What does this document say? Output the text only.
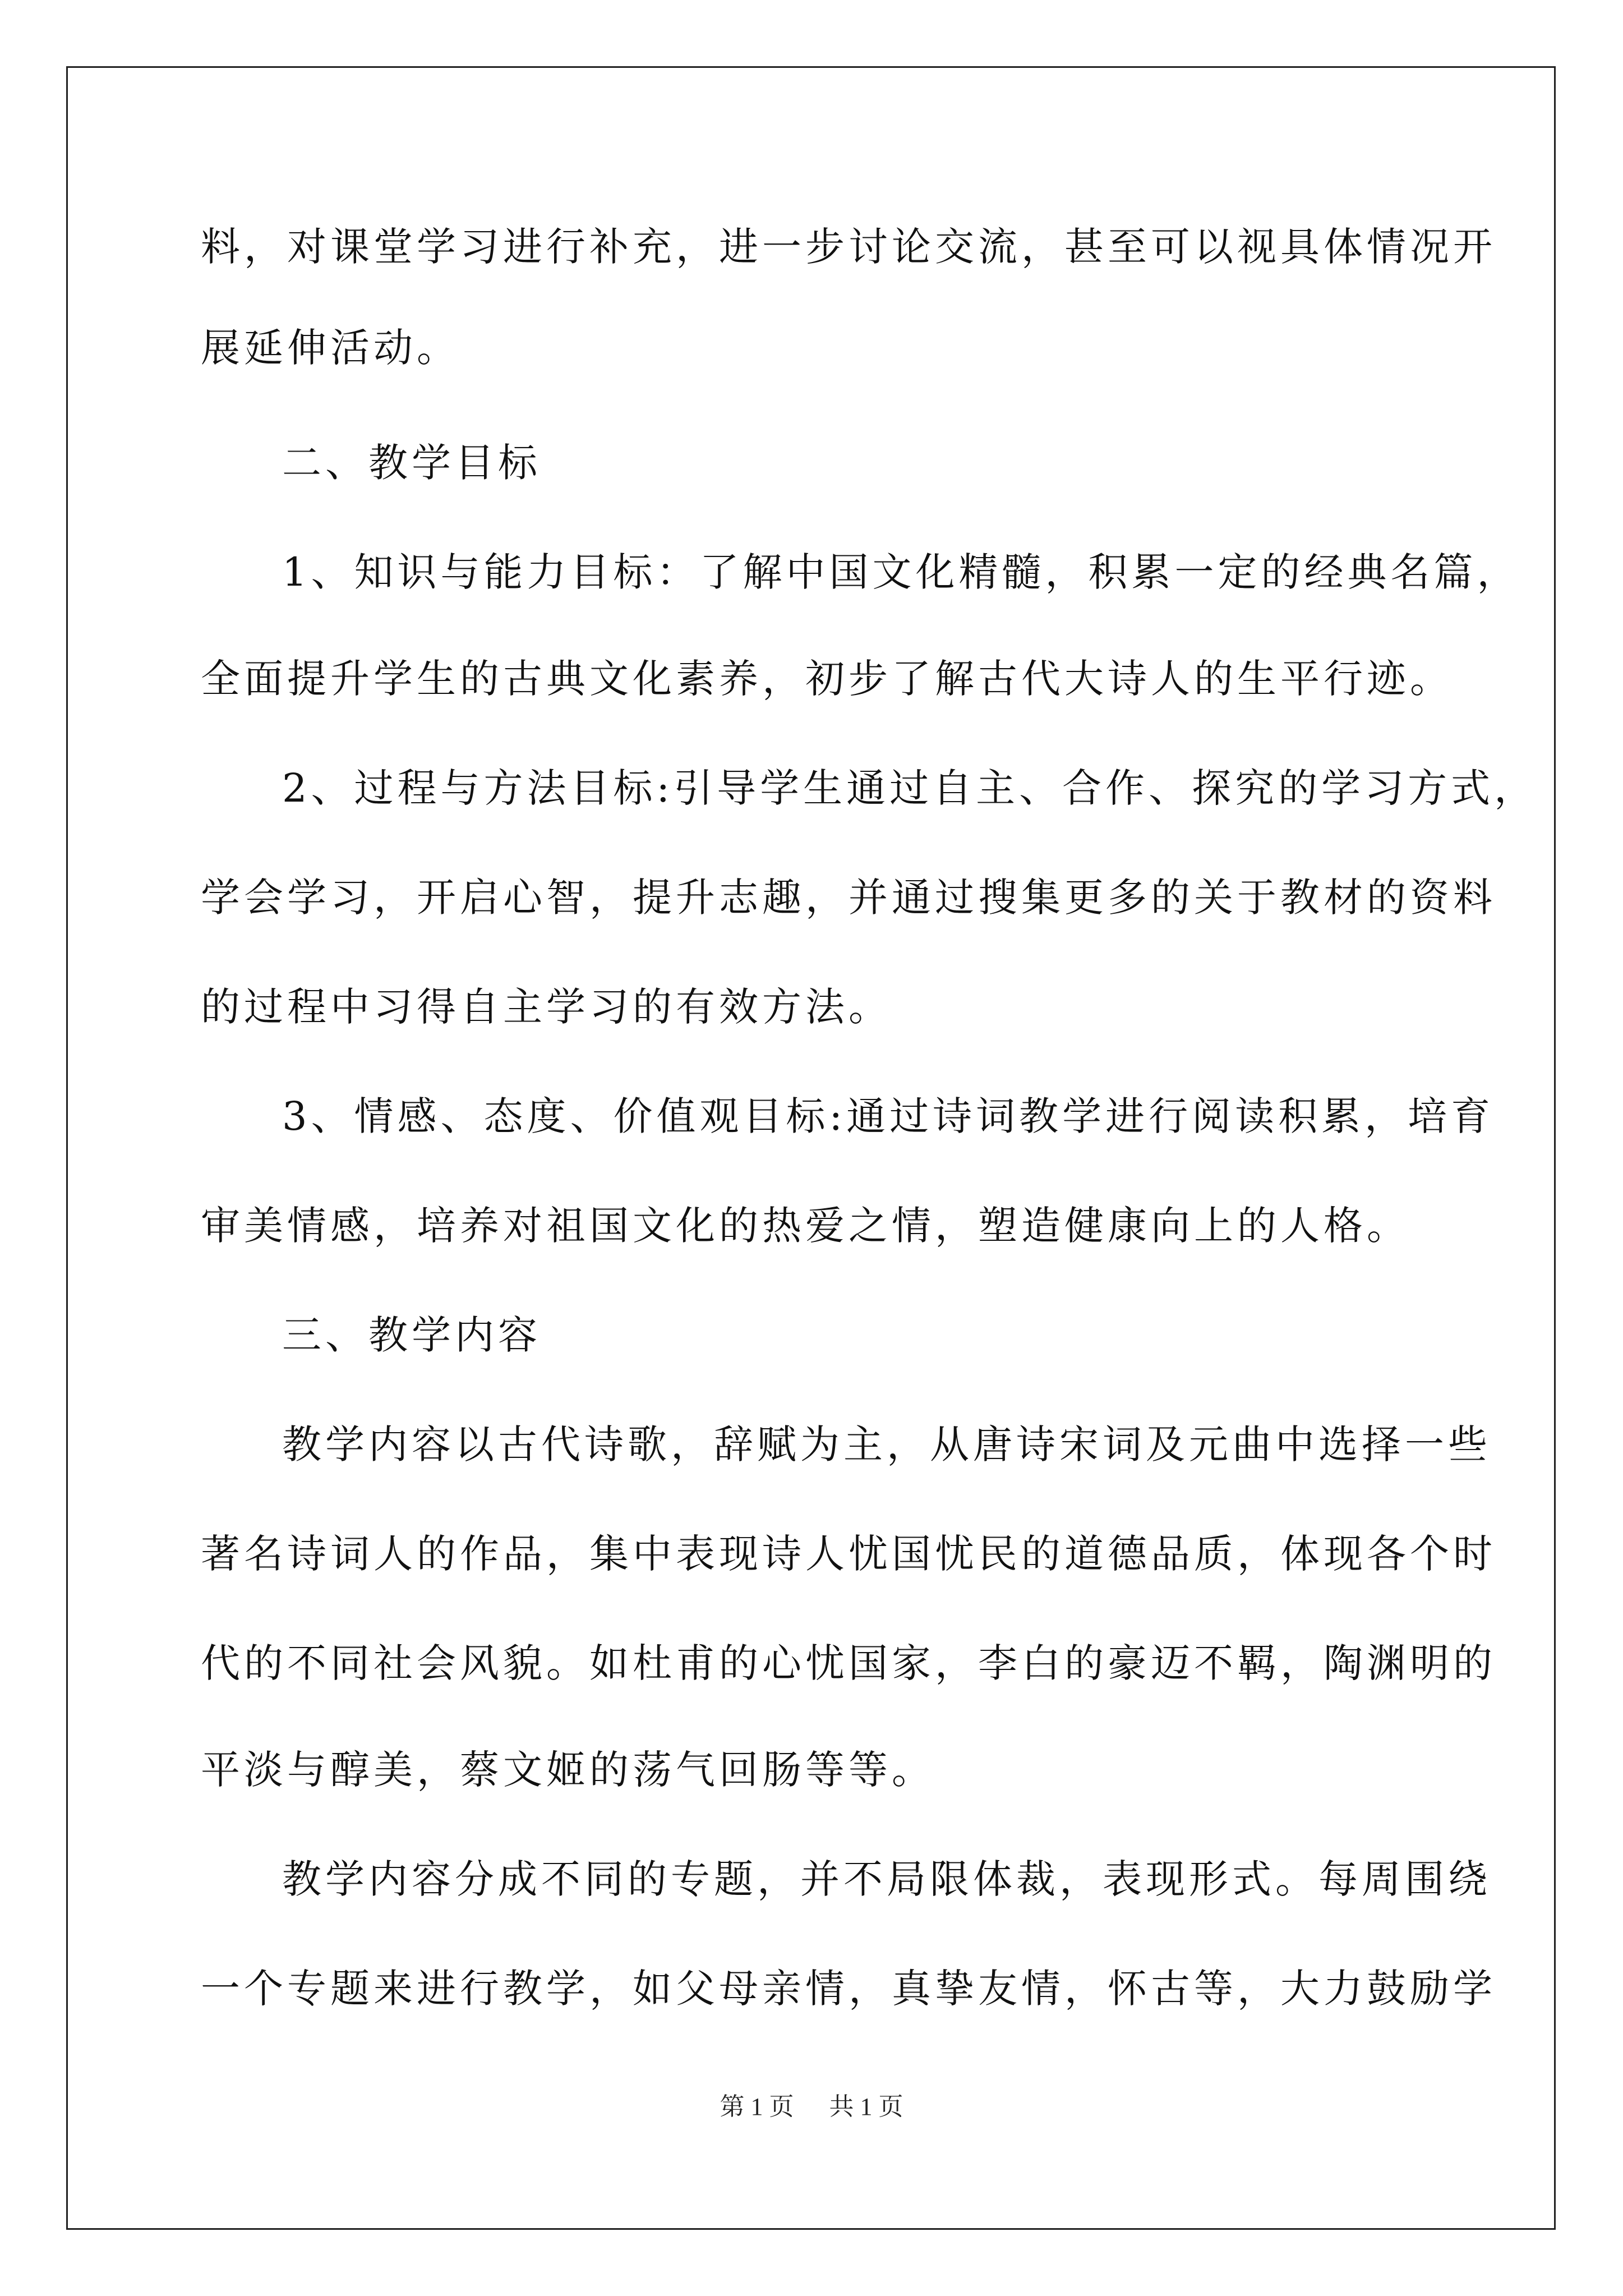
料，对课堂学习进行补充，进一步讨论交流，甚至可以视具体情况开
展延伸活动。
二、教学目标
1、知识与能力目标：了解中国文化精髓，积累一定的经典名篇，
全面提升学生的古典文化素养，初步了解古代大诗人的生平行迹。
2、过程与方法目标:引导学生通过自主、合作、探究的学习方式，
学会学习，开启心智，提升志趣，并通过搜集更多的关于教材的资料
的过程中习得自主学习的有效方法。
3、情感、态度、价值观目标:通过诗词教学进行阅读积累，培育
审美情感，培养对祖国文化的热爱之情，塑造健康向上的人格。
三、教学内容
教学内容以古代诗歌，辞赋为主，从唐诗宋词及元曲中选择一些
著名诗词人的作品，集中表现诗人忧国忧民的道德品质，体现各个时
代的不同社会风貌。如杜甫的心忧国家，李白的豪迈不羁，陶渊明的
平淡与醇美，蔡文姬的荡气回肠等等。
教学内容分成不同的专题，并不局限体裁，表现形式。每周围绕
一个专题来进行教学，如父母亲情，真挚友情，怀古等，大力鼓励学
第 1 页 共 1 页
